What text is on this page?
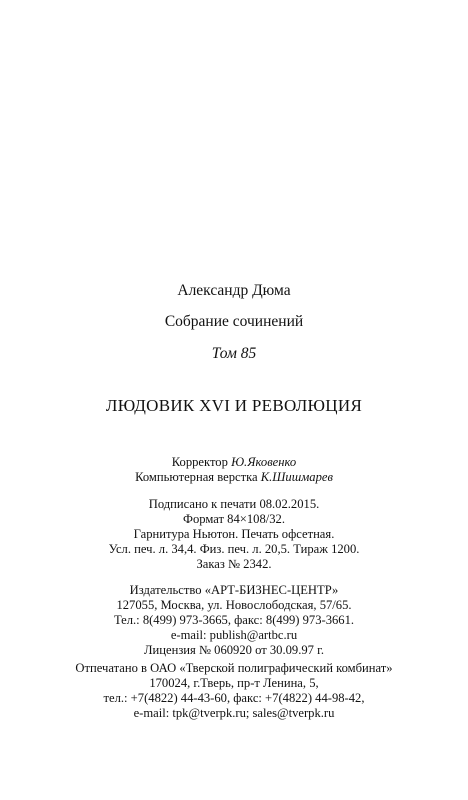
Александр Дюма
Собрание сочинений
Том 85
ЛЮДОВИК XVI И РЕВОЛЮЦИЯ
Корректор Ю.Яковенко
Компьютерная верстка К.Шишмарев
Подписано к печати 08.02.2015.
Формат 84×108/32.
Гарнитура Ньютон. Печать офсетная.
Усл. печ. л. 34,4. Физ. печ. л. 20,5. Тираж 1200.
Заказ № 2342.
Издательство «АРТ-БИЗНЕС-ЦЕНТР»
127055, Москва, ул. Новослободская, 57/65.
Тел.: 8(499) 973-3665, факс: 8(499) 973-3661.
e-mail: publish@artbc.ru
Лицензия № 060920 от 30.09.97 г.
Отпечатано в ОАО «Тверской полиграфический комбинат»
170024, г.Тверь, пр-т Ленина, 5,
тел.: +7(4822) 44-43-60, факс: +7(4822) 44-98-42,
e-mail: tpk@tverpk.ru; sales@tverpk.ru
